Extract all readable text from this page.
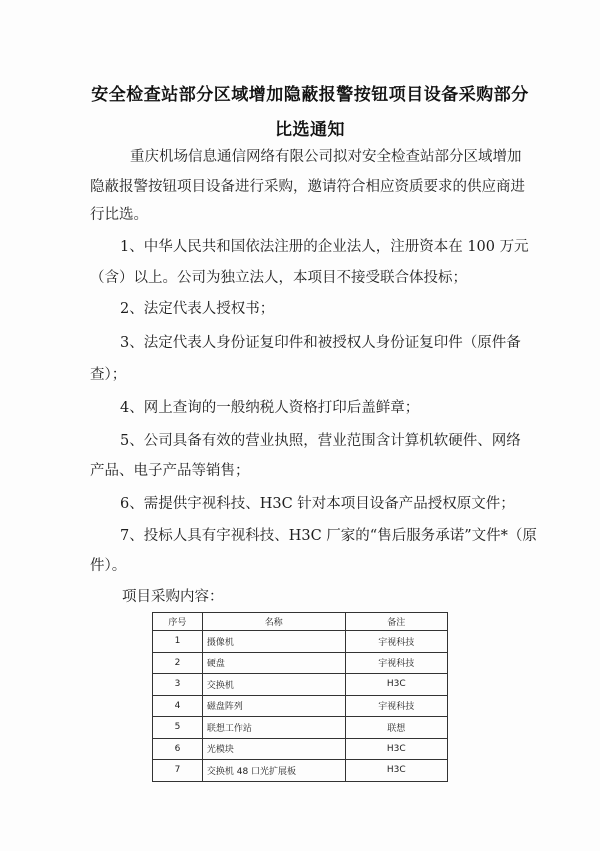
安全检查站部分区域增加隐蔽报警按钮项目设备采购部分
比选通知
重庆机场信息通信网络有限公司拟对安全检查站部分区域增加
隐蔽报警按钮项目设备进行采购，邀请符合相应资质要求的供应商进
行比选。
1、中华人民共和国依法注册的企业法人，注册资本在 100 万元
（含）以上。公司为独立法人，本项目不接受联合体投标；
2、法定代表人授权书；
3、法定代表人身份证复印件和被授权人身份证复印件（原件备
查）；
4、网上查询的一般纳税人资格打印后盖鲜章；
5、公司具备有效的营业执照，营业范围含计算机软硬件、网络
产品、电子产品等销售；
6、需提供宇视科技、H3C 针对本项目设备产品授权原文件；
7、投标人具有宇视科技、H3C 厂家的“售后服务承诺”文件*（原
件）。
项目采购内容：
序号	名称	备注
1	摄像机	宇视科技
2	硬盘	宇视科技
3	交换机	H3C
4	磁盘阵列	宇视科技
5	联想工作站	联想
6	光模块	H3C
7	交换机 48 口光扩展板	H3C
